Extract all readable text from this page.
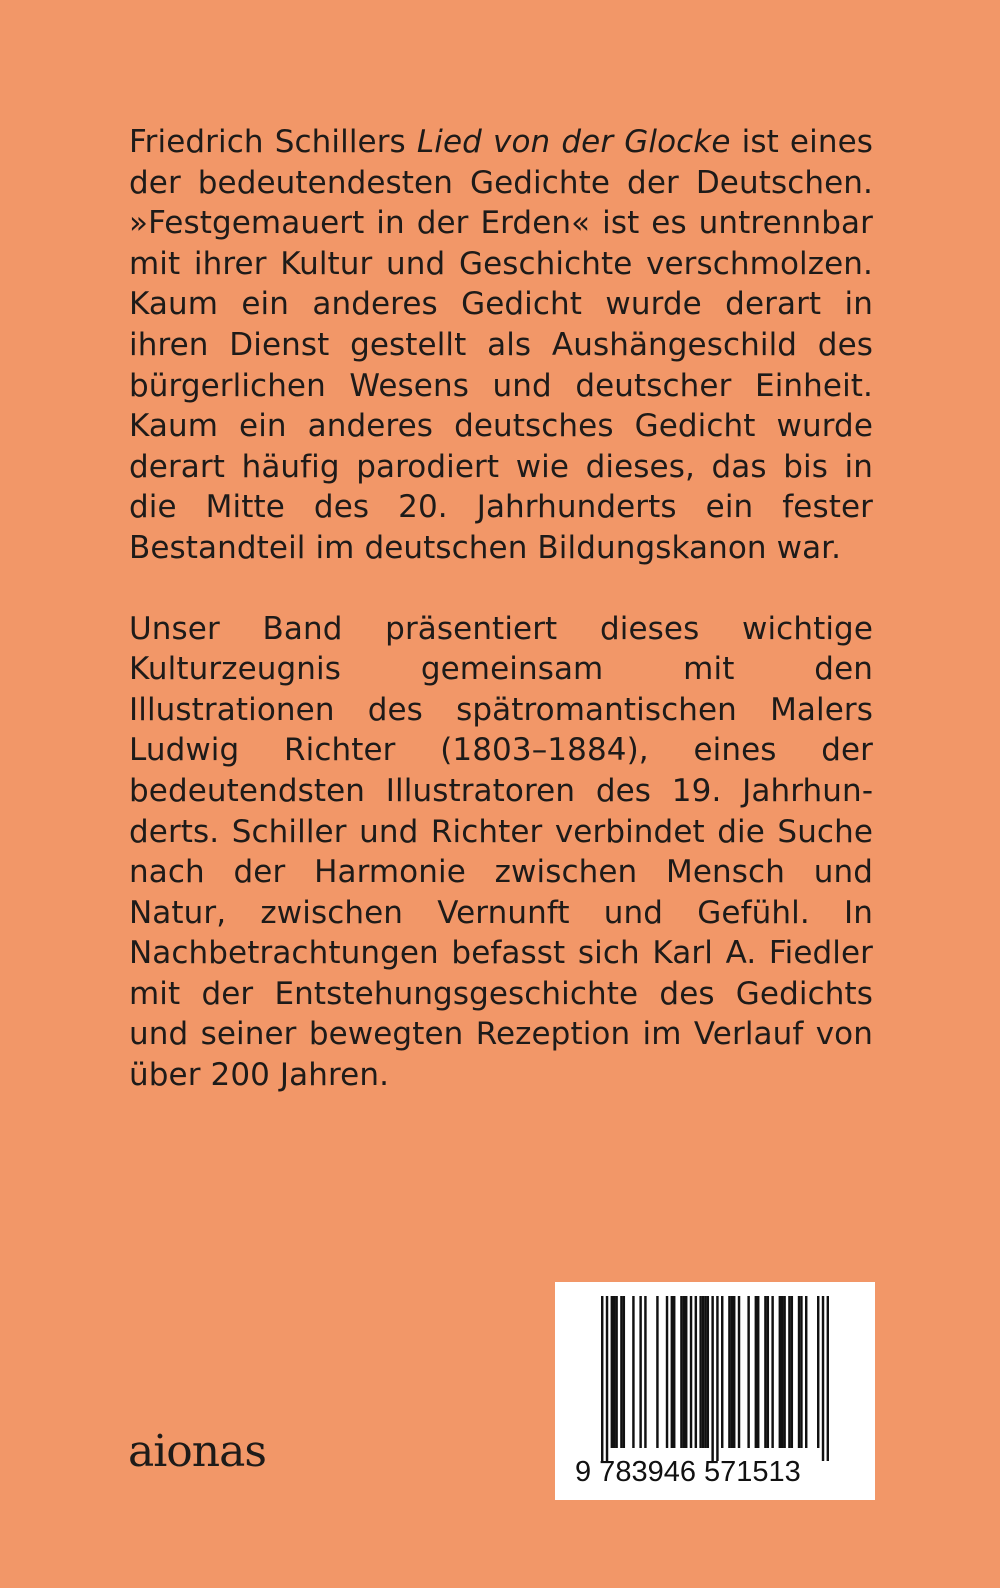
Friedrich Schillers Lied von der Glocke ist eines der bedeutendesten Gedichte der Deutschen. »Festgemauert in der Erden« ist es untrennbar mit ihrer Kultur und Geschichte verschmolzen. Kaum ein anderes Gedicht wurde derart in ihren Dienst gestellt als Aushängeschild des bürgerlichen Wesens und deutscher Einheit. Kaum ein anderes deutsches Gedicht wurde derart häufig parodiert wie dieses, das bis in die Mitte des 20. Jahrhunderts ein fester Bestandteil im deutschen Bildungskanon war.

Unser Band präsentiert dieses wichtige Kulturzeugnis gemeinsam mit den Illustrationen des spätromantischen Malers Ludwig Richter (1803–1884), eines der bedeutendsten Illustratoren des 19. Jahrhunderts. Schiller und Richter verbindet die Suche nach der Harmonie zwischen Mensch und Natur, zwischen Vernunft und Gefühl. In Nachbetrachtungen befasst sich Karl A. Fiedler mit der Entstehungsgeschichte des Gedichts und seiner bewegten Rezeption im Verlauf von über 200 Jahren.

aionas	9 783946 571513
